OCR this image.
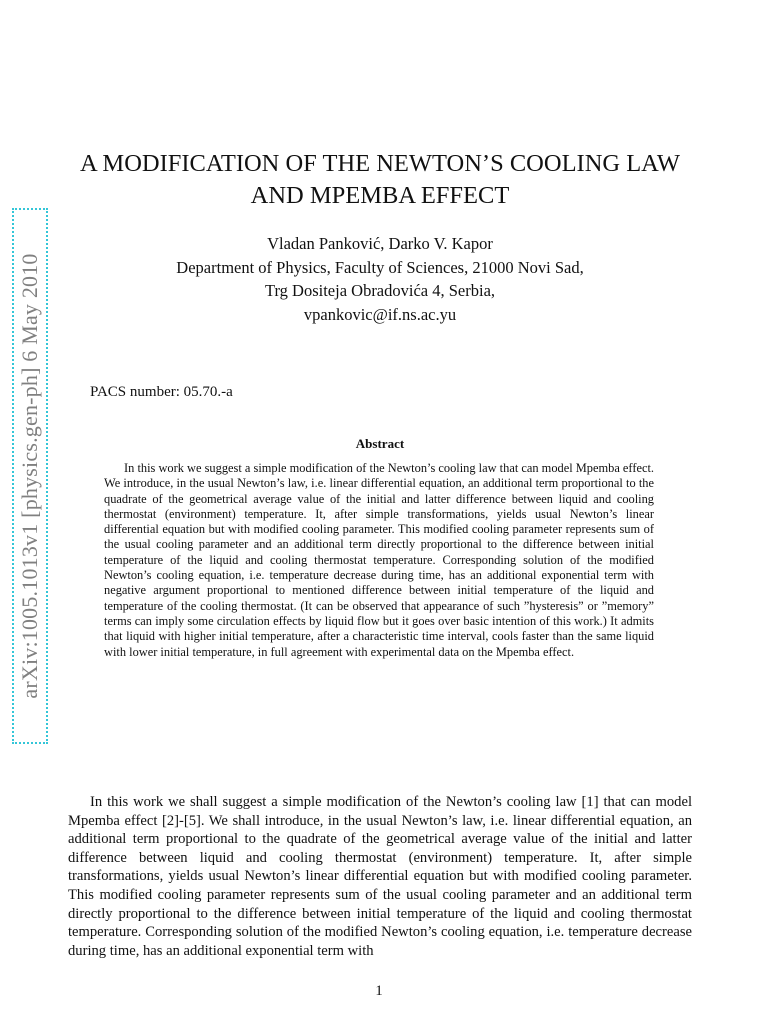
arXiv:1005.1013v1 [physics.gen-ph] 6 May 2010
A MODIFICATION OF THE NEWTON’S COOLING LAW AND MPEMBA EFFECT
Vladan Panković, Darko V. Kapor
Department of Physics, Faculty of Sciences, 21000 Novi Sad,
Trg Dositeja Obradovića 4, Serbia,
vpankovic@if.ns.ac.yu
PACS number: 05.70.-a
Abstract

In this work we suggest a simple modification of the Newton’s cooling law that can model Mpemba effect. We introduce, in the usual Newton’s law, i.e. linear differential equation, an additional term proportional to the quadrate of the geometrical average value of the initial and latter difference between liquid and cooling thermostat (environment) temperature. It, after simple transformations, yields usual Newton’s linear differential equation but with modified cooling parameter. This modified cooling parameter represents sum of the usual cooling parameter and an additional term directly proportional to the difference between initial temperature of the liquid and cooling thermostat temperature. Corresponding solution of the modified Newton’s cooling equation, i.e. temperature decrease during time, has an additional exponential term with negative argument proportional to mentioned difference between initial temperature of the liquid and temperature of the cooling thermostat. (It can be observed that appearance of such ”hysteresis” or ”memory” terms can imply some circulation effects by liquid flow but it goes over basic intention of this work.) It admits that liquid with higher initial temperature, after a characteristic time interval, cools faster than the same liquid with lower initial temperature, in full agreement with experimental data on the Mpemba effect.

In this work we shall suggest a simple modification of the Newton’s cooling law [1] that can model Mpemba effect [2]-[5]. We shall introduce, in the usual Newton’s law, i.e. linear differential equation, an additional term proportional to the quadrate of the geometrical average value of the initial and latter difference between liquid and cooling thermostat (environment) temperature. It, after simple transformations, yields usual Newton’s linear differential equation but with modified cooling parameter. This modified cooling parameter represents sum of the usual cooling parameter and an additional term directly proportional to the difference between initial temperature of the liquid and cooling thermostat temperature. Corresponding solution of the modified Newton’s cooling equation, i.e. temperature decrease during time, has an additional exponential term with

1
